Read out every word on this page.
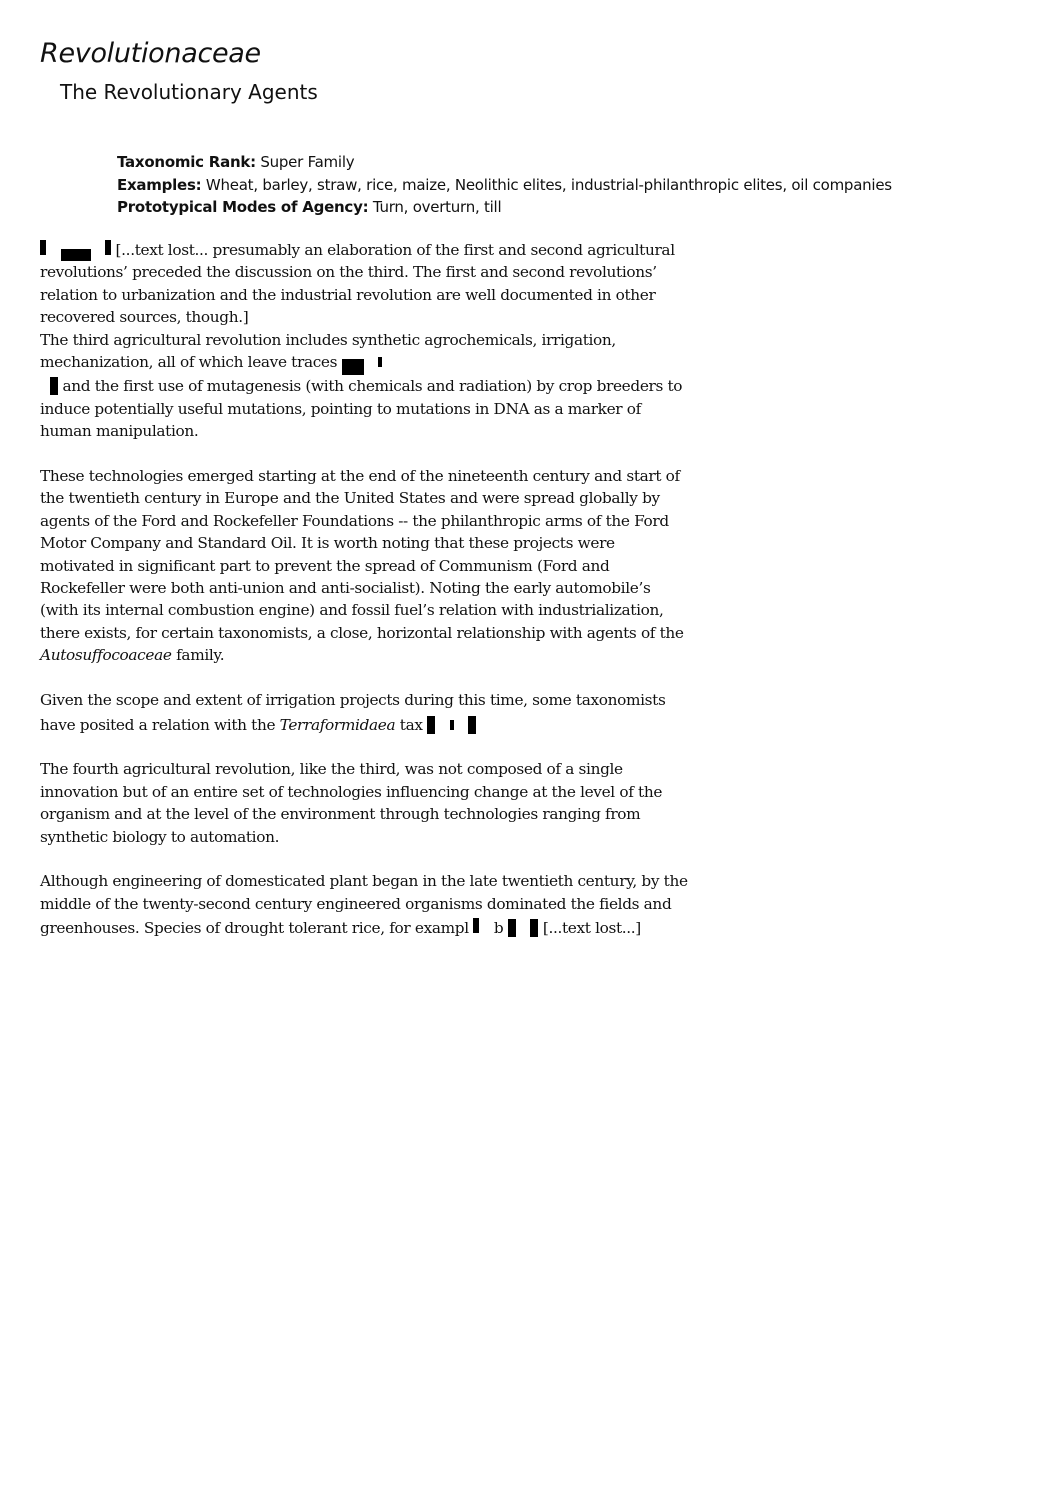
Revolutionaceae
The Revolutionary Agents
Taxonomic Rank: Super Family
Examples: Wheat, barley, straw, rice, maize, Neolithic elites, industrial-philanthropic elites, oil companies
Prototypical Modes of Agency: Turn, overturn, till

[...text lost... presumably an elaboration of the first and second agricultural revolutions’ preceded the discussion on the third. The first and second revolutions’ relation to urbanization and the industrial revolution are well documented in other recovered sources, though.]
The third agricultural revolution includes synthetic agrochemicals, irrigation, mechanization, all of which leave traces
and the first use of mutagenesis (with chemicals and radiation) by crop breeders to induce potentially useful mutations, pointing to mutations in DNA as a marker of human manipulation.

These technologies emerged starting at the end of the nineteenth century and start of the twentieth century in Europe and the United States and were spread globally by agents of the Ford and Rockefeller Foundations -- the philanthropic arms of the Ford Motor Company and Standard Oil. It is worth noting that these projects were motivated in significant part to prevent the spread of Communism (Ford and Rockefeller were both anti-union and anti-socialist). Noting the early automobile’s (with its internal combustion engine) and fossil fuel’s relation with industrialization, there exists, for certain taxonomists, a close, horizontal relationship with agents of the Autosuffocoaceae family.

Given the scope and extent of irrigation projects during this time, some taxonomists have posited a relation with the Terraformidaea tax

The fourth agricultural revolution, like the third, was not composed of a single innovation but of an entire set of technologies influencing change at the level of the organism and at the level of the environment through technologies ranging from synthetic biology to automation.

Although engineering of domesticated plant began in the late twentieth century, by the middle of the twenty-second century engineered organisms dominated the fields and greenhouses. Species of drought tolerant rice, for exampl b	[...text lost...]
